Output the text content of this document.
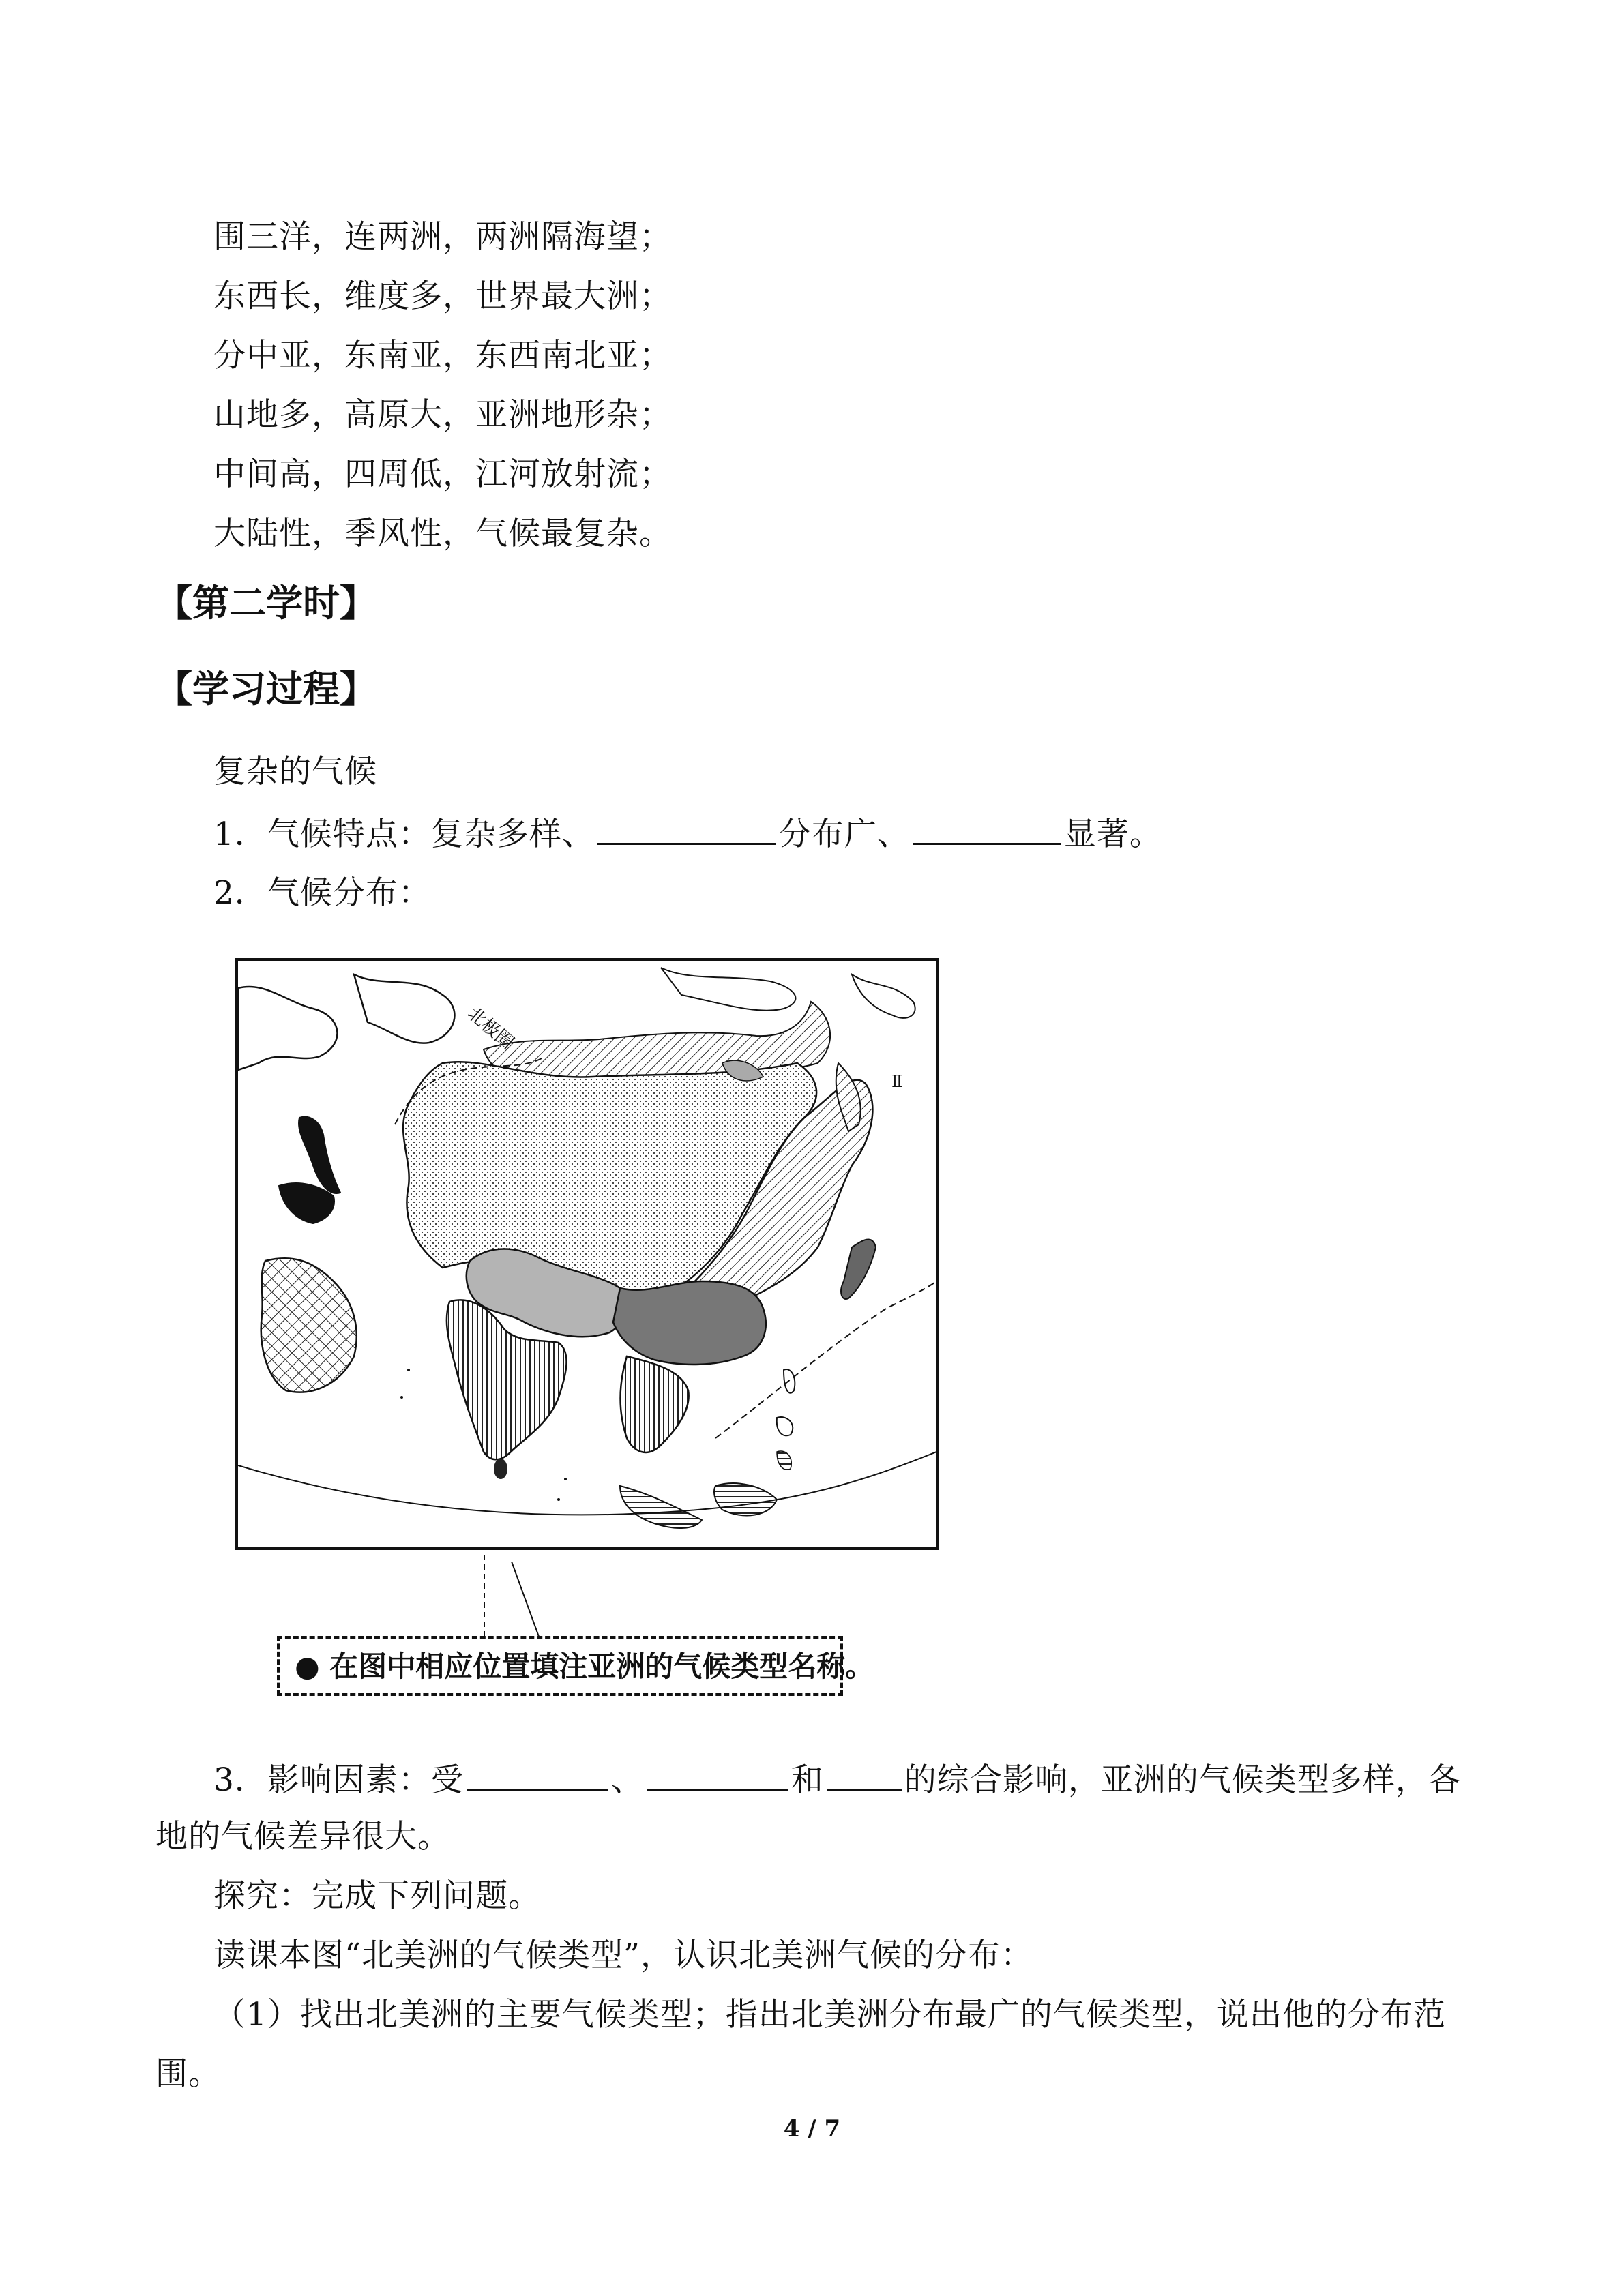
围三洋，连两洲，两洲隔海望；
东西长，维度多，世界最大洲；
分中亚，东南亚，东西南北亚；
山地多，高原大，亚洲地形杂；
中间高，四周低，江河放射流；
大陆性，季风性，气候最复杂。
【第二学时】
【学习过程】
复杂的气候
1．气候特点：复杂多样、	分布广、	显著。
2．气候分布：
北极圈
Ⅱ
● 在图中相应位置填注亚洲的气候类型名称。
3．影响因素：受	、	和	的综合影响，亚洲的气候类型多样，各
地的气候差异很大。
探究：完成下列问题。
读课本图“北美洲的气候类型”，认识北美洲气候的分布：
（1）找出北美洲的主要气候类型；指出北美洲分布最广的气候类型，说出他的分布范
围。
4 / 7
